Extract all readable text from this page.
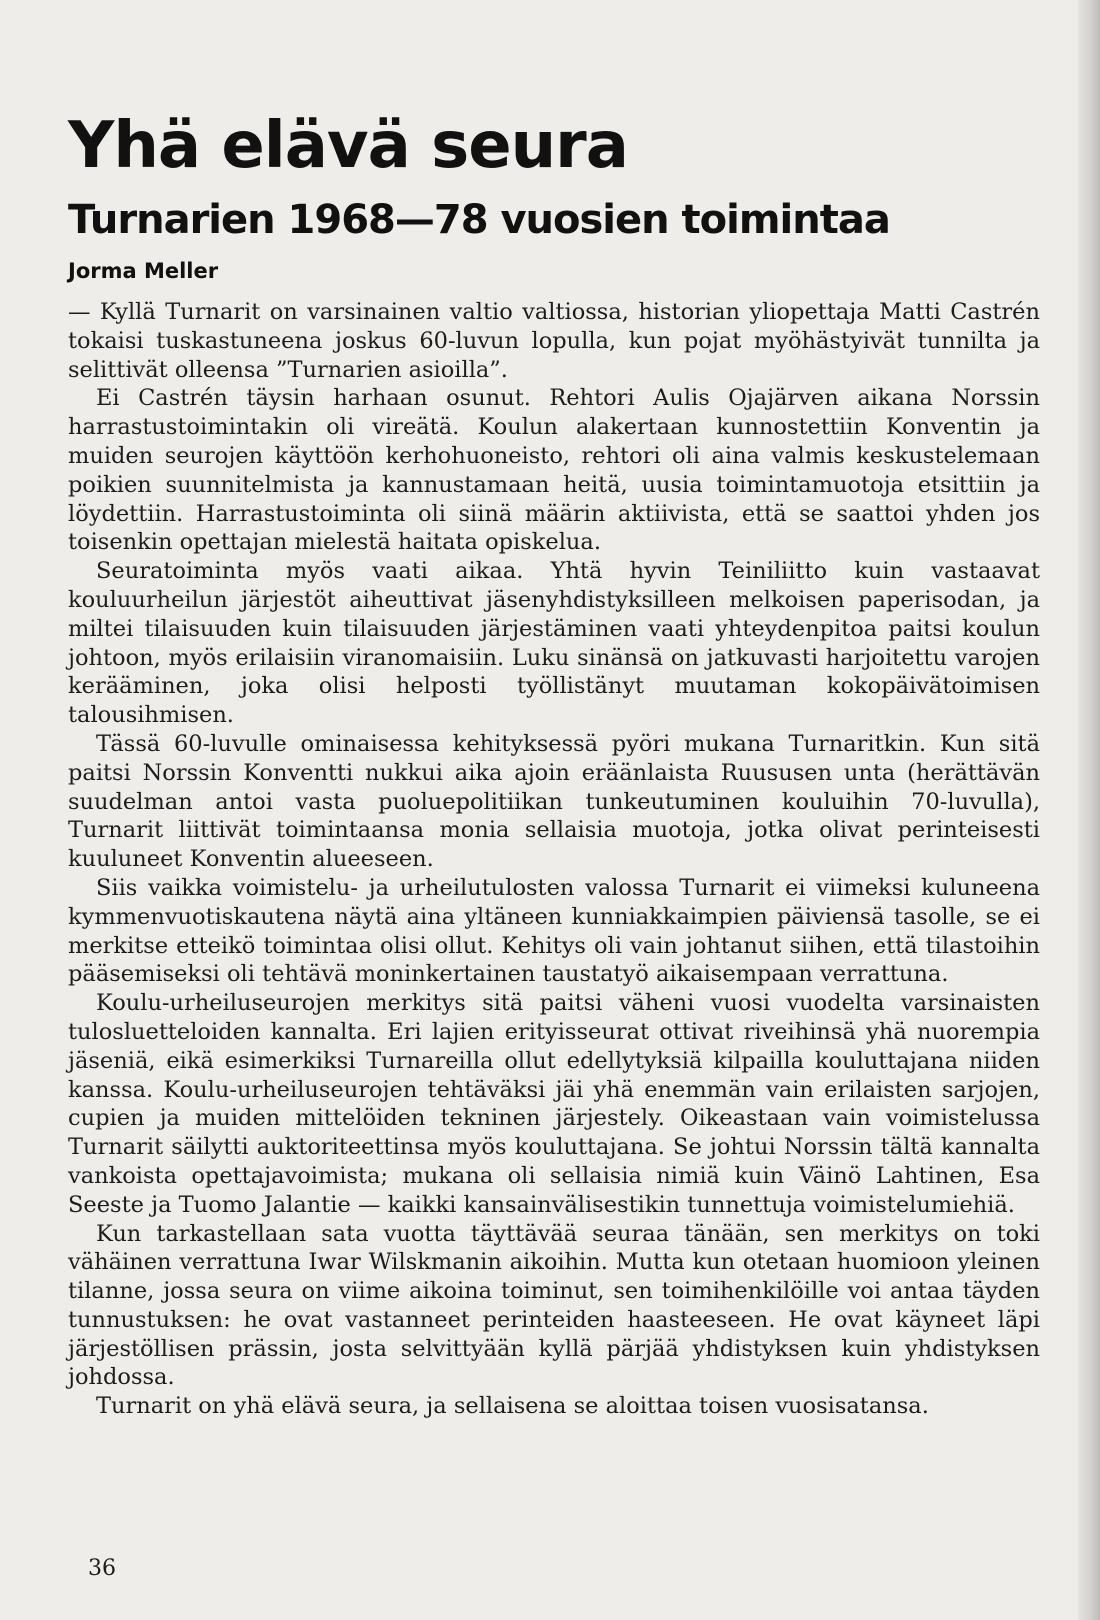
Yhä elävä seura
Turnarien 1968—78 vuosien toimintaa
Jorma Meller

— Kyllä Turnarit on varsinainen valtio valtiossa, historian yliopettaja Matti Castrén tokaisi tuskastuneena joskus 60-luvun lopulla, kun pojat myöhästyivät tunnilta ja selittivät olleensa ”Turnarien asioilla”.

Ei Castrén täysin harhaan osunut. Rehtori Aulis Ojajärven aikana Norssin harrastustoimintakin oli vireätä. Koulun alakertaan kunnostettiin Konventin ja muiden seurojen käyttöön kerhohuoneisto, rehtori oli aina valmis keskustelemaan poikien suunnitelmista ja kannustamaan heitä, uusia toimintamuotoja etsittiin ja löydettiin. Harrastustoiminta oli siinä määrin aktiivista, että se saattoi yhden jos toisenkin opettajan mielestä haitata opiskelua.

Seuratoiminta myös vaati aikaa. Yhtä hyvin Teiniliitto kuin vastaavat kouluurheilun järjestöt aiheuttivat jäsenyhdistyksilleen melkoisen paperisodan, ja miltei tilaisuuden kuin tilaisuuden järjestäminen vaati yhteydenpitoa paitsi koulun johtoon, myös erilaisiin viranomaisiin. Luku sinänsä on jatkuvasti harjoitettu varojen kerääminen, joka olisi helposti työllistänyt muutaman kokopäivätoimisen talousihmisen.

Tässä 60-luvulle ominaisessa kehityksessä pyöri mukana Turnaritkin. Kun sitä paitsi Norssin Konventti nukkui aika ajoin eräänlaista Ruususen unta (herättävän suudelman antoi vasta puoluepolitiikan tunkeutuminen kouluihin 70-luvulla), Turnarit liittivät toimintaansa monia sellaisia muotoja, jotka olivat perinteisesti kuuluneet Konventin alueeseen.

Siis vaikka voimistelu- ja urheilutulosten valossa Turnarit ei viimeksi kuluneena kymmenvuotiskautena näytä aina yltäneen kunniakkaimpien päiviensä tasolle, se ei merkitse etteikö toimintaa olisi ollut. Kehitys oli vain johtanut siihen, että tilastoihin pääsemiseksi oli tehtävä moninkertainen taustatyö aikaisempaan verrattuna.

Koulu-urheiluseurojen merkitys sitä paitsi väheni vuosi vuodelta varsinaisten tulosluetteloiden kannalta. Eri lajien erityisseurat ottivat riveihinsä yhä nuorempia jäseniä, eikä esimerkiksi Turnareilla ollut edellytyksiä kilpailla kouluttajana niiden kanssa. Koulu-urheiluseurojen tehtäväksi jäi yhä enemmän vain erilaisten sarjojen, cupien ja muiden mittelöiden tekninen järjestely. Oikeastaan vain voimistelussa Turnarit säilytti auktoriteettinsa myös kouluttajana. Se johtui Norssin tältä kannalta vankoista opettajavoimista; mukana oli sellaisia nimiä kuin Väinö Lahtinen, Esa Seeste ja Tuomo Jalantie — kaikki kansainvälisestikin tunnettuja voimistelumiehiä.

Kun tarkastellaan sata vuotta täyttävää seuraa tänään, sen merkitys on toki vähäinen verrattuna Iwar Wilskmanin aikoihin. Mutta kun otetaan huomioon yleinen tilanne, jossa seura on viime aikoina toiminut, sen toimihenkilöille voi antaa täyden tunnustuksen: he ovat vastanneet perinteiden haasteeseen. He ovat käyneet läpi järjestöllisen prässin, josta selvittyään kyllä pärjää yhdistyksen kuin yhdistyksen johdossa.

Turnarit on yhä elävä seura, ja sellaisena se aloittaa toisen vuosisatansa.

36
